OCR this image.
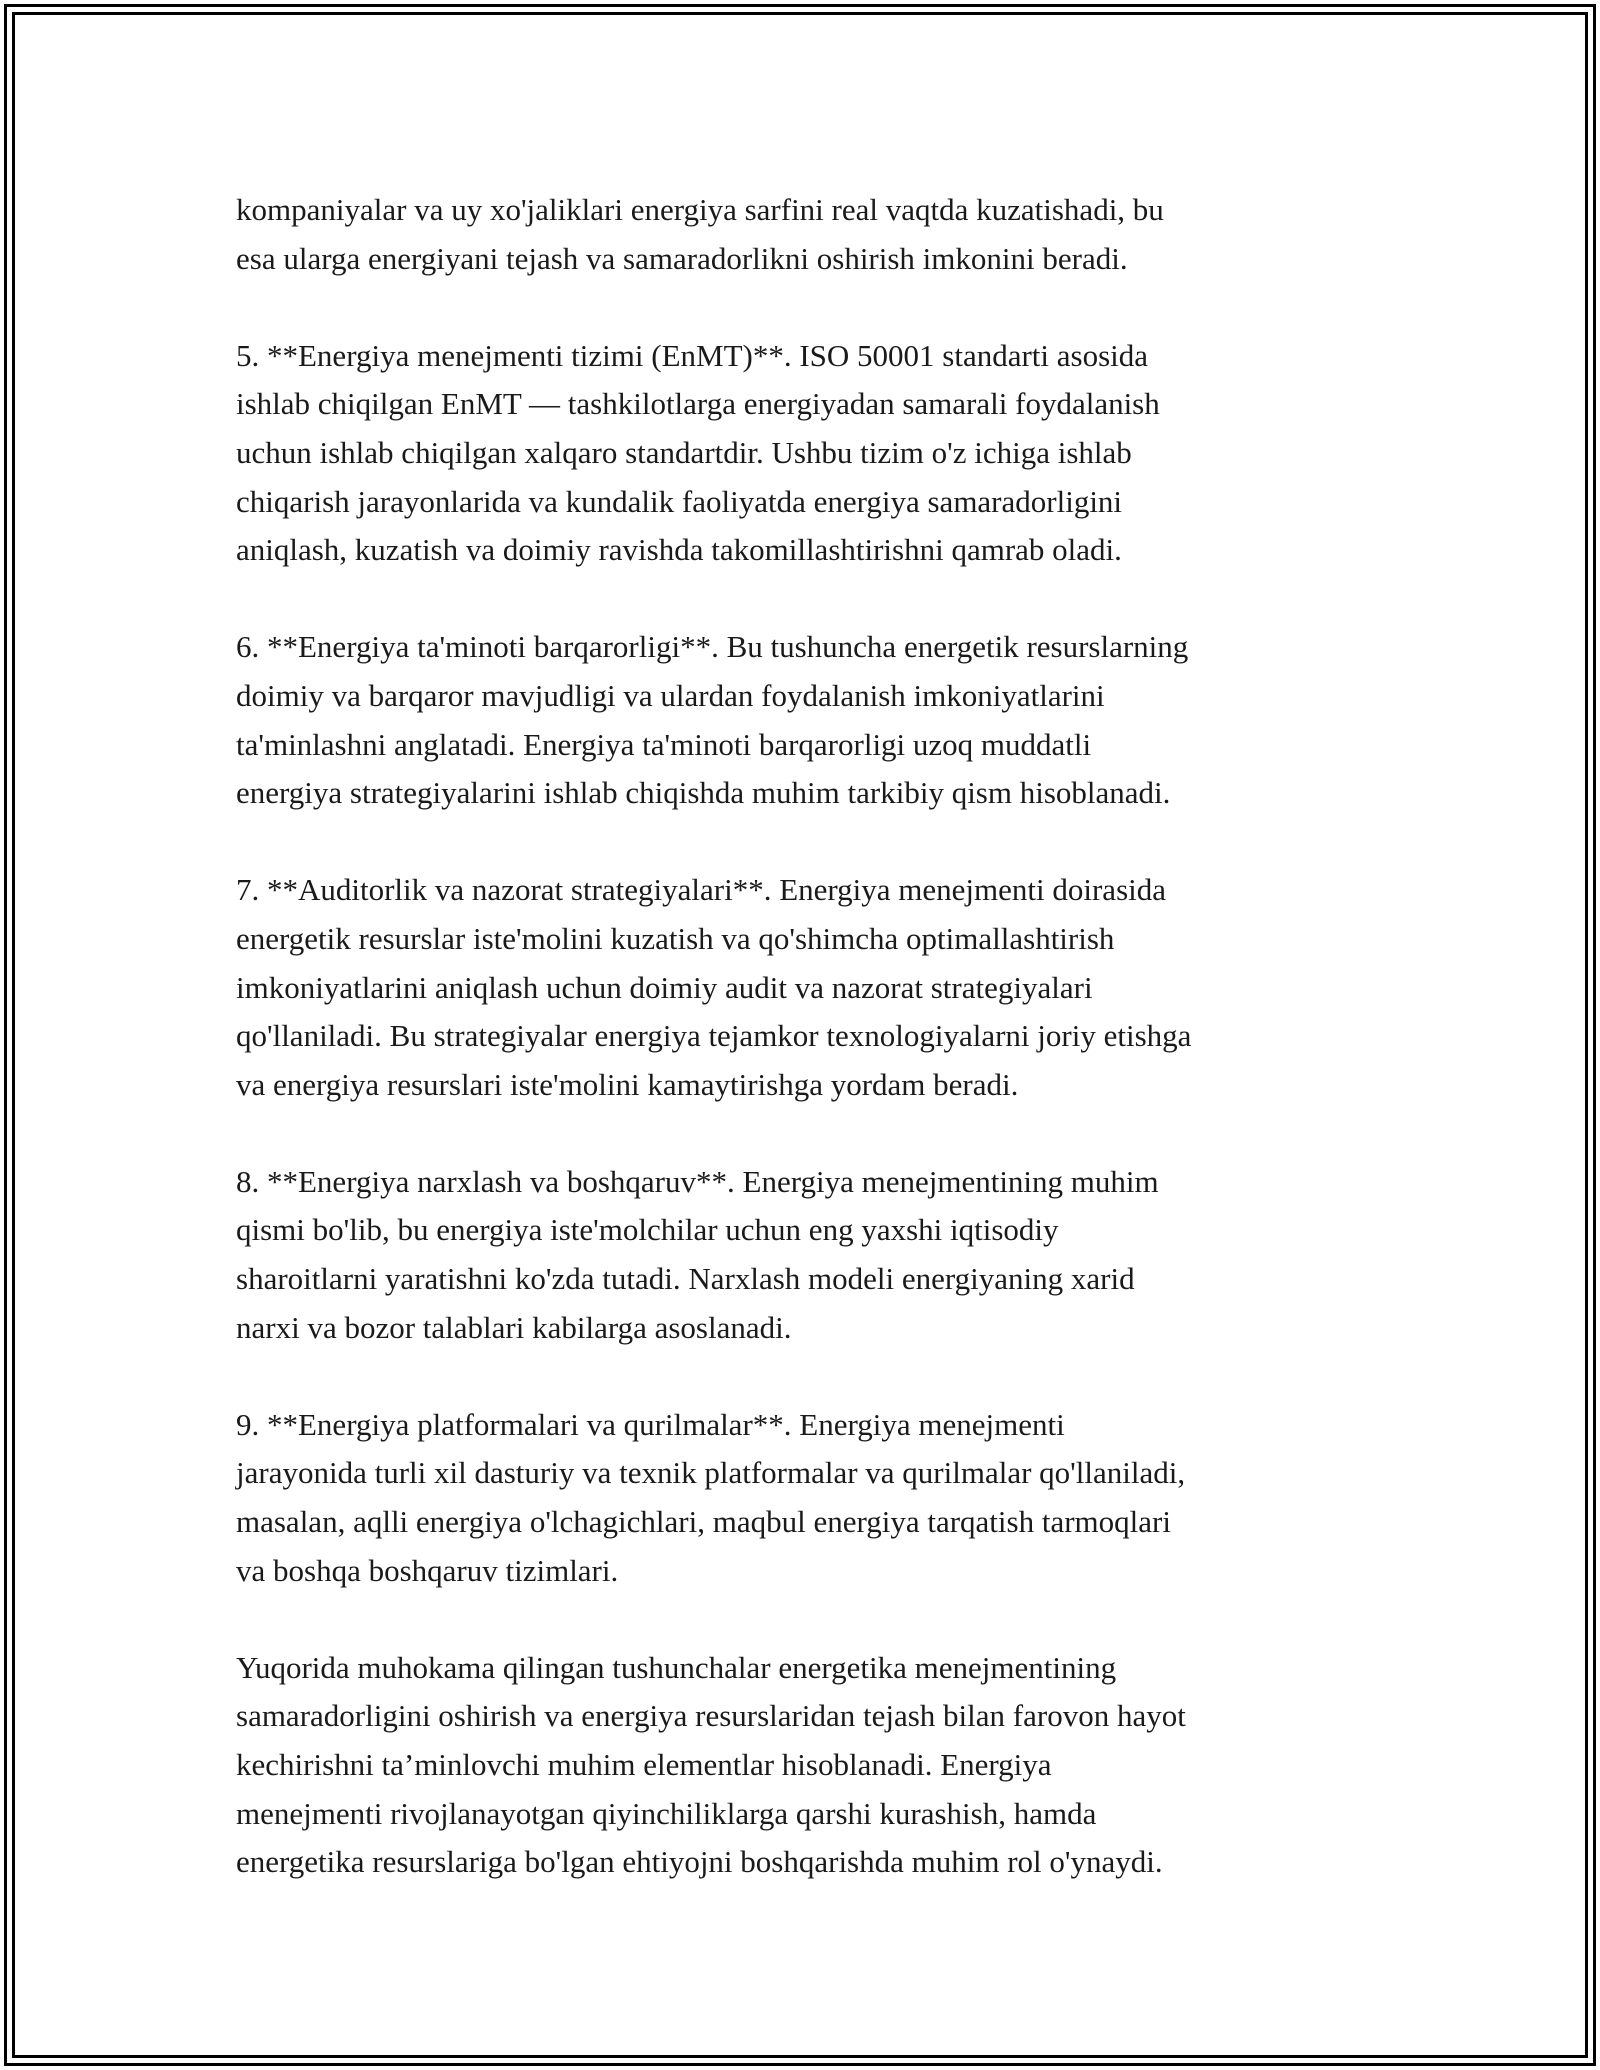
kompaniyalar va uy xo'jaliklari energiya sarfini real vaqtda kuzatishadi, bu
esa ularga energiyani tejash va samaradorlikni oshirish imkonini beradi.

5. **Energiya menejmenti tizimi (EnMT)**. ISO 50001 standarti asosida
ishlab chiqilgan EnMT — tashkilotlarga energiyadan samarali foydalanish
uchun ishlab chiqilgan xalqaro standartdir. Ushbu tizim o'z ichiga ishlab
chiqarish jarayonlarida va kundalik faoliyatda energiya samaradorligini
aniqlash, kuzatish va doimiy ravishda takomillashtirishni qamrab oladi.

6. **Energiya ta'minoti barqarorligi**. Bu tushuncha energetik resurslarning
doimiy va barqaror mavjudligi va ulardan foydalanish imkoniyatlarini
ta'minlashni anglatadi. Energiya ta'minoti barqarorligi uzoq muddatli
energiya strategiyalarini ishlab chiqishda muhim tarkibiy qism hisoblanadi.

7. **Auditorlik va nazorat strategiyalari**. Energiya menejmenti doirasida
energetik resurslar iste'molini kuzatish va qo'shimcha optimallashtirish
imkoniyatlarini aniqlash uchun doimiy audit va nazorat strategiyalari
qo'llaniladi. Bu strategiyalar energiya tejamkor texnologiyalarni joriy etishga
va energiya resurslari iste'molini kamaytirishga yordam beradi.

8. **Energiya narxlash va boshqaruv**. Energiya menejmentining muhim
qismi bo'lib, bu energiya iste'molchilar uchun eng yaxshi iqtisodiy
sharoitlarni yaratishni ko'zda tutadi. Narxlash modeli energiyaning xarid
narxi va bozor talablari kabilarga asoslanadi.

9. **Energiya platformalari va qurilmalar**. Energiya menejmenti
jarayonida turli xil dasturiy va texnik platformalar va qurilmalar qo'llaniladi,
masalan, aqlli energiya o'lchagichlari, maqbul energiya tarqatish tarmoqlari
va boshqa boshqaruv tizimlari.

Yuqorida muhokama qilingan tushunchalar energetika menejmentining
samaradorligini oshirish va energiya resurslaridan tejash bilan farovon hayot
kechirishni ta’minlovchi muhim elementlar hisoblanadi. Energiya
menejmenti rivojlanayotgan qiyinchiliklarga qarshi kurashish, hamda
energetika resurslariga bo'lgan ehtiyojni boshqarishda muhim rol o'ynaydi.
